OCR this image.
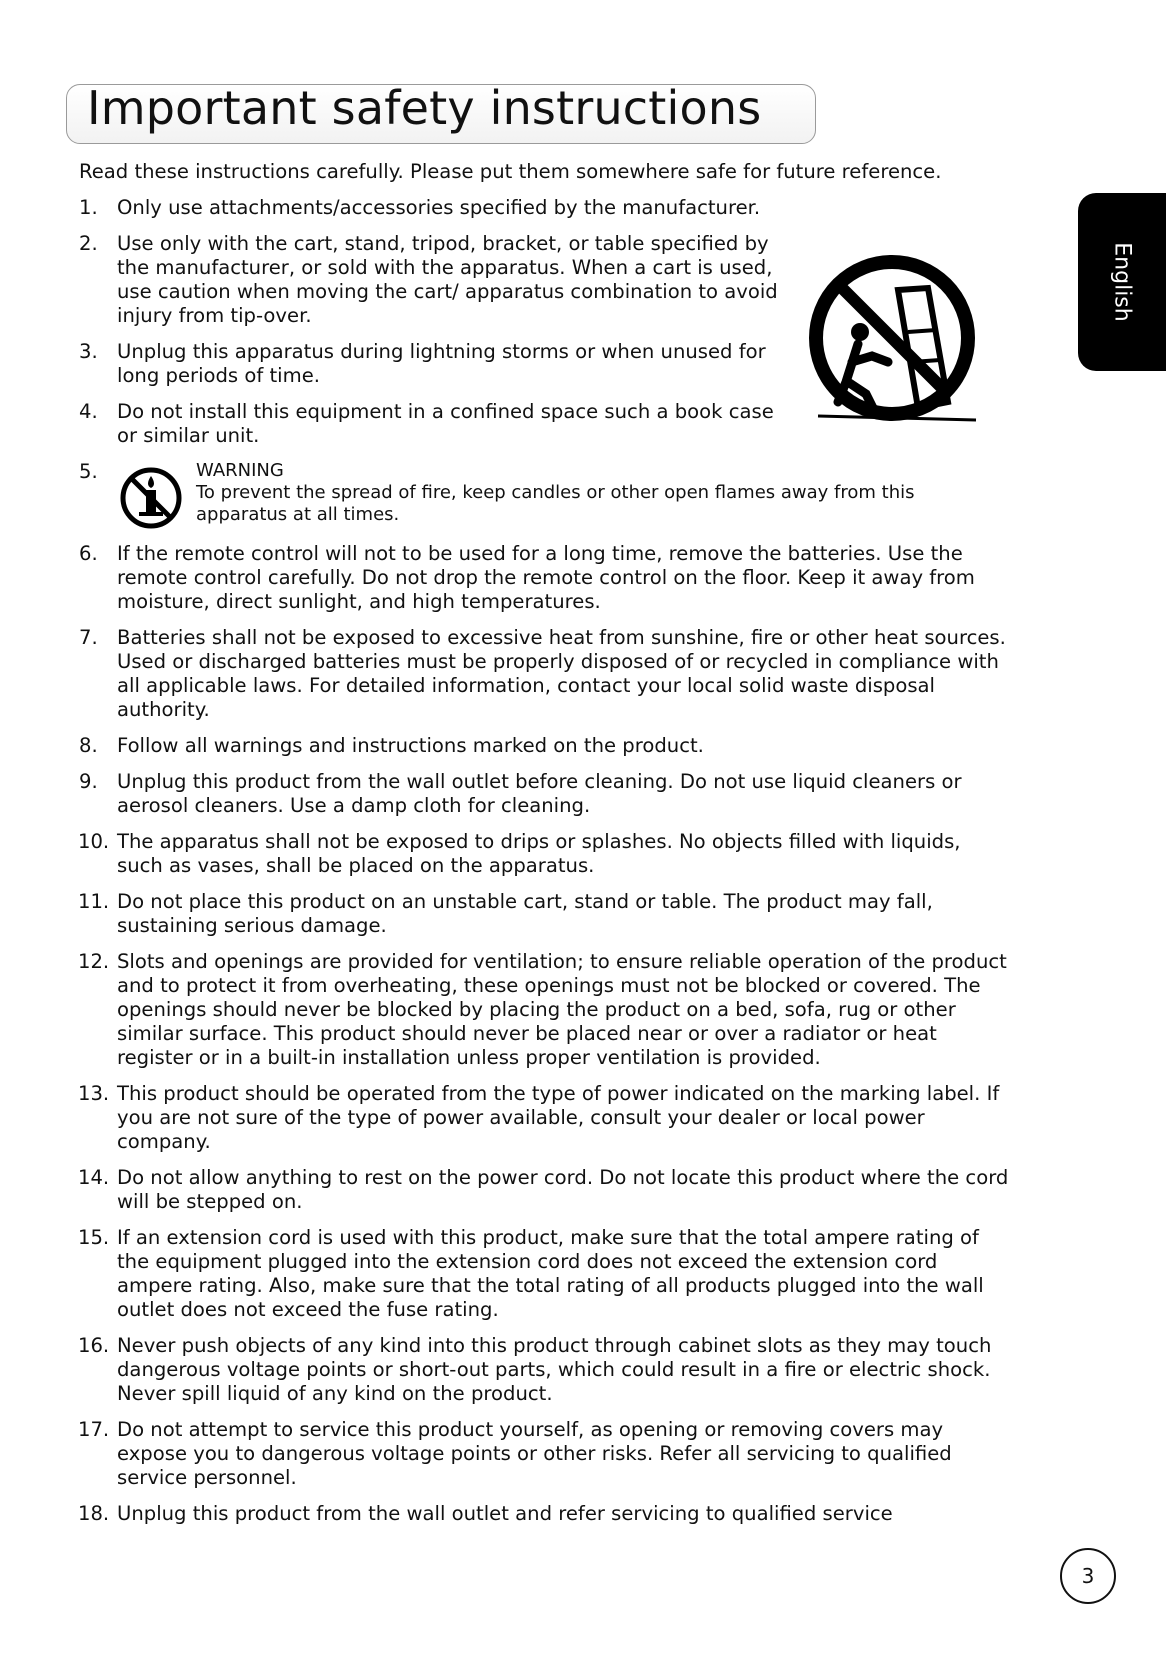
Important safety instructions
Read these instructions carefully. Please put them somewhere safe for future reference.
English
1. Only use attachments/accessories specified by the manufacturer.
2. Use only with the cart, stand, tripod, bracket, or table specified by the manufacturer, or sold with the apparatus. When a cart is used, use caution when moving the cart/ apparatus combination to avoid injury from tip-over.
3. Unplug this apparatus during lightning storms or when unused for long periods of time.
4. Do not install this equipment in a confined space such a book case or similar unit.
5.	WARNING
To prevent the spread of fire, keep candles or other open flames away from this apparatus at all times.
6. If the remote control will not to be used for a long time, remove the batteries. Use the remote control carefully. Do not drop the remote control on the floor. Keep it away from moisture, direct sunlight, and high temperatures.
7. Batteries shall not be exposed to excessive heat from sunshine, fire or other heat sources. Used or discharged batteries must be properly disposed of or recycled in compliance with all applicable laws. For detailed information, contact your local solid waste disposal authority.
8. Follow all warnings and instructions marked on the product.
9. Unplug this product from the wall outlet before cleaning. Do not use liquid cleaners or aerosol cleaners. Use a damp cloth for cleaning.
10. The apparatus shall not be exposed to drips or splashes. No objects filled with liquids, such as vases, shall be placed on the apparatus.
11. Do not place this product on an unstable cart, stand or table. The product may fall, sustaining serious damage.
12. Slots and openings are provided for ventilation; to ensure reliable operation of the product and to protect it from overheating, these openings must not be blocked or covered. The openings should never be blocked by placing the product on a bed, sofa, rug or other similar surface. This product should never be placed near or over a radiator or heat register or in a built-in installation unless proper ventilation is provided.
13. This product should be operated from the type of power indicated on the marking label. If you are not sure of the type of power available, consult your dealer or local power company.
14. Do not allow anything to rest on the power cord. Do not locate this product where the cord will be stepped on.
15. If an extension cord is used with this product, make sure that the total ampere rating of the equipment plugged into the extension cord does not exceed the extension cord ampere rating. Also, make sure that the total rating of all products plugged into the wall outlet does not exceed the fuse rating.
16. Never push objects of any kind into this product through cabinet slots as they may touch dangerous voltage points or short-out parts, which could result in a fire or electric shock. Never spill liquid of any kind on the product.
17. Do not attempt to service this product yourself, as opening or removing covers may expose you to dangerous voltage points or other risks. Refer all servicing to qualified service personnel.
18. Unplug this product from the wall outlet and refer servicing to qualified service
3
